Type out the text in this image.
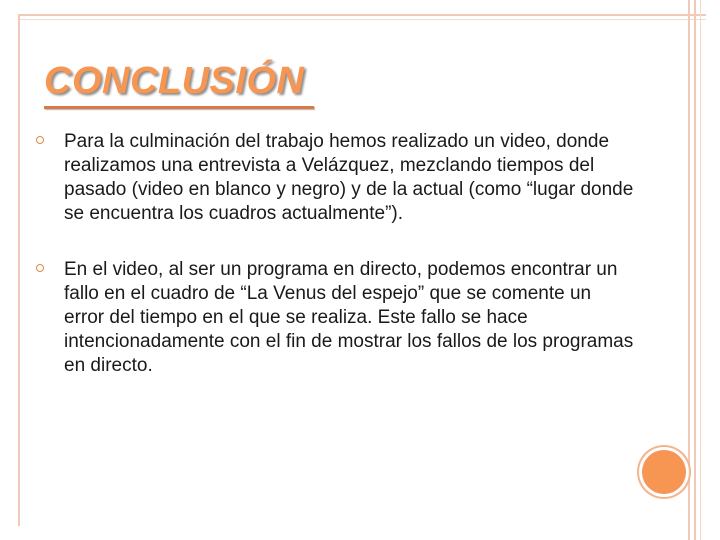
CONCLUSIÓN
Para la culminación del trabajo hemos realizado un video, donde realizamos una entrevista a Velázquez, mezclando tiempos del pasado (video en blanco y negro) y de la actual (como “lugar donde se encuentra los cuadros actualmente”).
En el video, al ser un programa en directo, podemos encontrar un fallo en el cuadro de “La Venus del espejo” que se comente un error del tiempo en el que se realiza. Este fallo se hace intencionadamente con el fin de mostrar los fallos de los programas en directo.
